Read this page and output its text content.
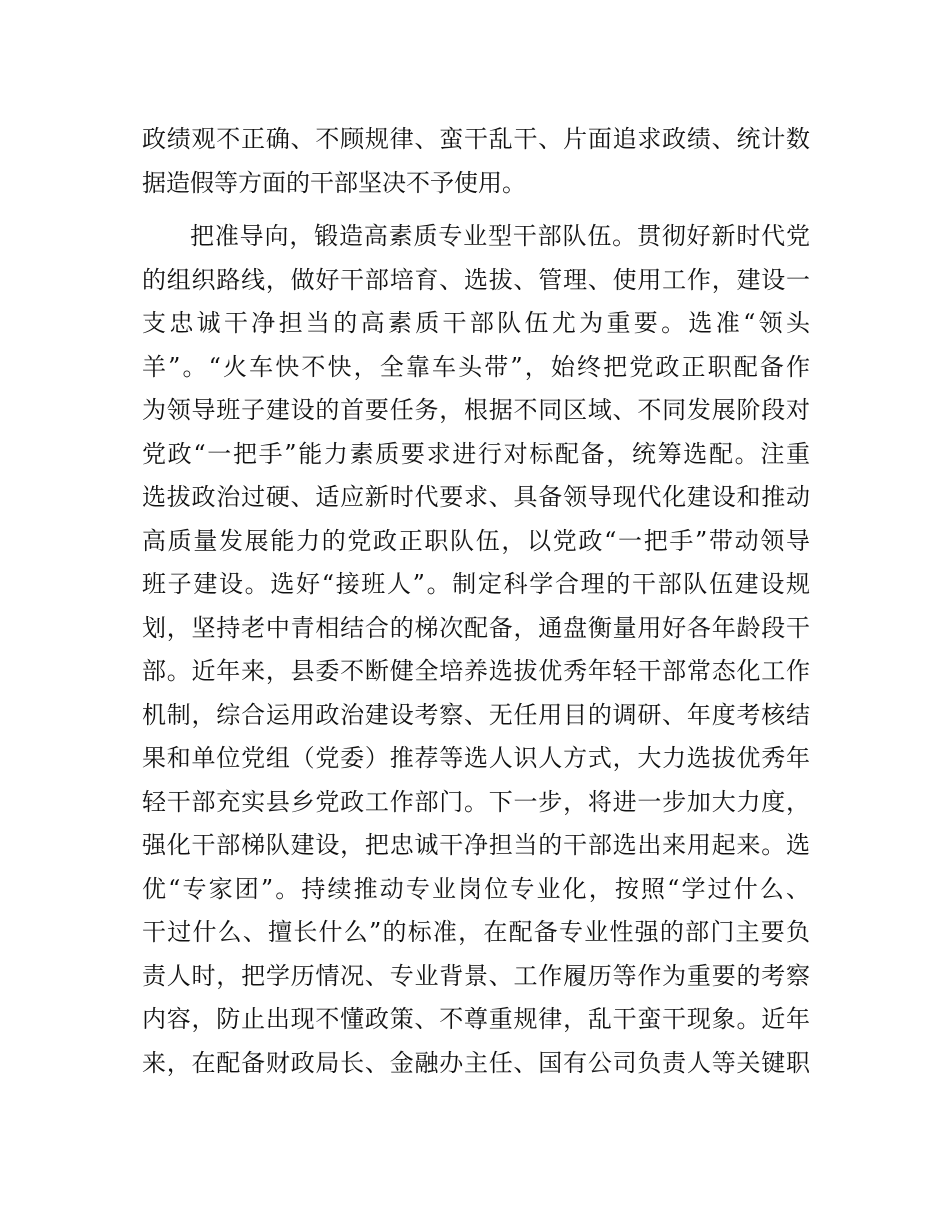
政绩观不正确、不顾规律、蛮干乱干、片面追求政绩、统计数
据造假等方面的干部坚决不予使用。
把准导向，锻造高素质专业型干部队伍。贯彻好新时代党
的组织路线，做好干部培育、选拔、管理、使用工作，建设一
支忠诚干净担当的高素质干部队伍尤为重要。选准“领头
羊”。“火车快不快，全靠车头带”，始终把党政正职配备作
为领导班子建设的首要任务，根据不同区域、不同发展阶段对
党政“一把手”能力素质要求进行对标配备，统筹选配。注重
选拔政治过硬、适应新时代要求、具备领导现代化建设和推动
高质量发展能力的党政正职队伍，以党政“一把手”带动领导
班子建设。选好“接班人”。制定科学合理的干部队伍建设规
划，坚持老中青相结合的梯次配备，通盘衡量用好各年龄段干
部。近年来，县委不断健全培养选拔优秀年轻干部常态化工作
机制，综合运用政治建设考察、无任用目的调研、年度考核结
果和单位党组（党委）推荐等选人识人方式，大力选拔优秀年
轻干部充实县乡党政工作部门。下一步，将进一步加大力度，
强化干部梯队建设，把忠诚干净担当的干部选出来用起来。选
优“专家团”。持续推动专业岗位专业化，按照“学过什么、
干过什么、擅长什么”的标准，在配备专业性强的部门主要负
责人时，把学历情况、专业背景、工作履历等作为重要的考察
内容，防止出现不懂政策、不尊重规律，乱干蛮干现象。近年
来，在配备财政局长、金融办主任、国有公司负责人等关键职
